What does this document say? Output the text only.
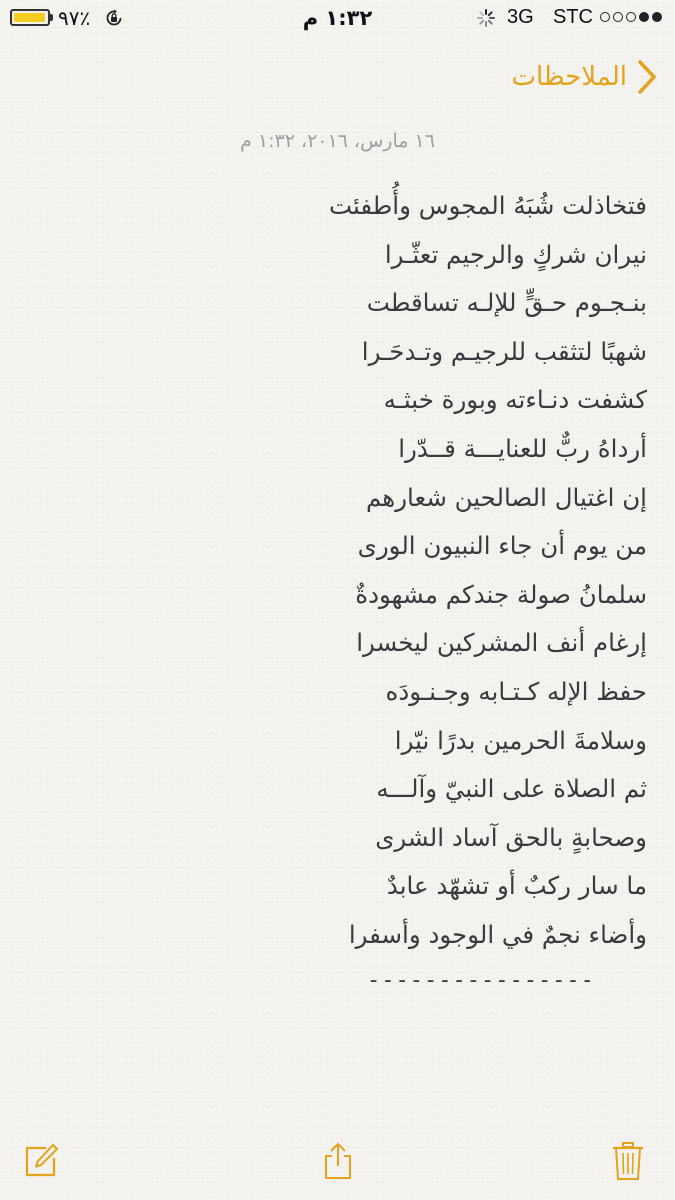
٪٩٧	١:٣٢ م	3G STC
الملاحظات
١٦ مارس، ٢٠١٦، ١:٣٢ م
فتخاذلت شُبَهُ المجوس وأُطفئت
نيران شركٍ والرجيم تعثّـرا
بنـجـوم حـقٍّ للإلـه تساقطت
شهبًا لتثقب للرجيـم وتـدحَـرا
كشفت دنـاءته وبورة خبثـه
أرداهُ ربٌّ للعنايـــة قــدّرا
إن اغتيال الصالحين شعارهم
من يوم أن جاء النبيون الورى
سلمانُ صولة جندكم مشهودةٌ
إرغام أنف المشركين ليخسرا
حفظ الإله كـتـابه وجـنـودَه
وسلامةَ الحرمين بدرًا نيّرا
ثم الصلاة على النبيّ وآلـــه
وصحابةٍ بالحق آساد الشرى
ما سار ركبٌ أو تشهّد عابدٌ
وأضاء نجمٌ في الوجود وأسفرا
----------------
